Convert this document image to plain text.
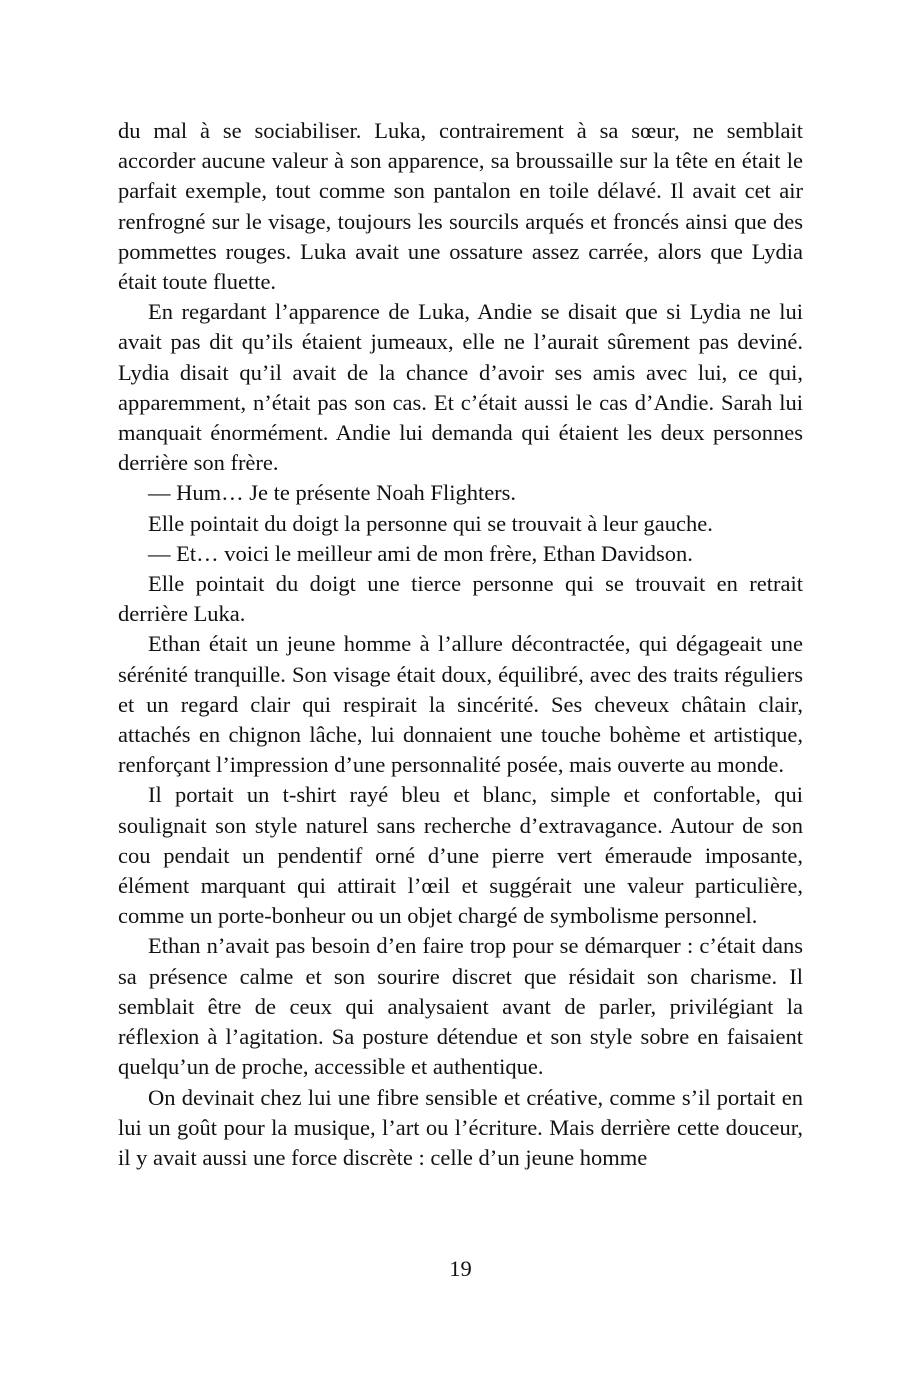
du mal à se sociabiliser. Luka, contrairement à sa sœur, ne semblait accorder aucune valeur à son apparence, sa broussaille sur la tête en était le parfait exemple, tout comme son pantalon en toile délavé. Il avait cet air renfrogné sur le visage, toujours les sourcils arqués et froncés ainsi que des pommettes rouges. Luka avait une ossature assez carrée, alors que Lydia était toute fluette.

En regardant l’apparence de Luka, Andie se disait que si Lydia ne lui avait pas dit qu’ils étaient jumeaux, elle ne l’aurait sûrement pas deviné. Lydia disait qu’il avait de la chance d’avoir ses amis avec lui, ce qui, apparemment, n’était pas son cas. Et c’était aussi le cas d’Andie. Sarah lui manquait énormément. Andie lui demanda qui étaient les deux personnes derrière son frère.

— Hum… Je te présente Noah Flighters.

Elle pointait du doigt la personne qui se trouvait à leur gauche.

— Et… voici le meilleur ami de mon frère, Ethan Davidson.

Elle pointait du doigt une tierce personne qui se trouvait en retrait derrière Luka.

Ethan était un jeune homme à l’allure décontractée, qui dégageait une sérénité tranquille. Son visage était doux, équilibré, avec des traits réguliers et un regard clair qui respirait la sincérité. Ses cheveux châtain clair, attachés en chignon lâche, lui donnaient une touche bohème et artistique, renforçant l’impression d’une personnalité posée, mais ouverte au monde.

Il portait un t-shirt rayé bleu et blanc, simple et confortable, qui soulignait son style naturel sans recherche d’extravagance. Autour de son cou pendait un pendentif orné d’une pierre vert émeraude imposante, élément marquant qui attirait l’œil et suggérait une valeur particulière, comme un porte-bonheur ou un objet chargé de symbolisme personnel.

Ethan n’avait pas besoin d’en faire trop pour se démarquer : c’était dans sa présence calme et son sourire discret que résidait son charisme. Il semblait être de ceux qui analysaient avant de parler, privilégiant la réflexion à l’agitation. Sa posture détendue et son style sobre en faisaient quelqu’un de proche, accessible et authentique.

On devinait chez lui une fibre sensible et créative, comme s’il portait en lui un goût pour la musique, l’art ou l’écriture. Mais derrière cette douceur, il y avait aussi une force discrète : celle d’un jeune homme

19
